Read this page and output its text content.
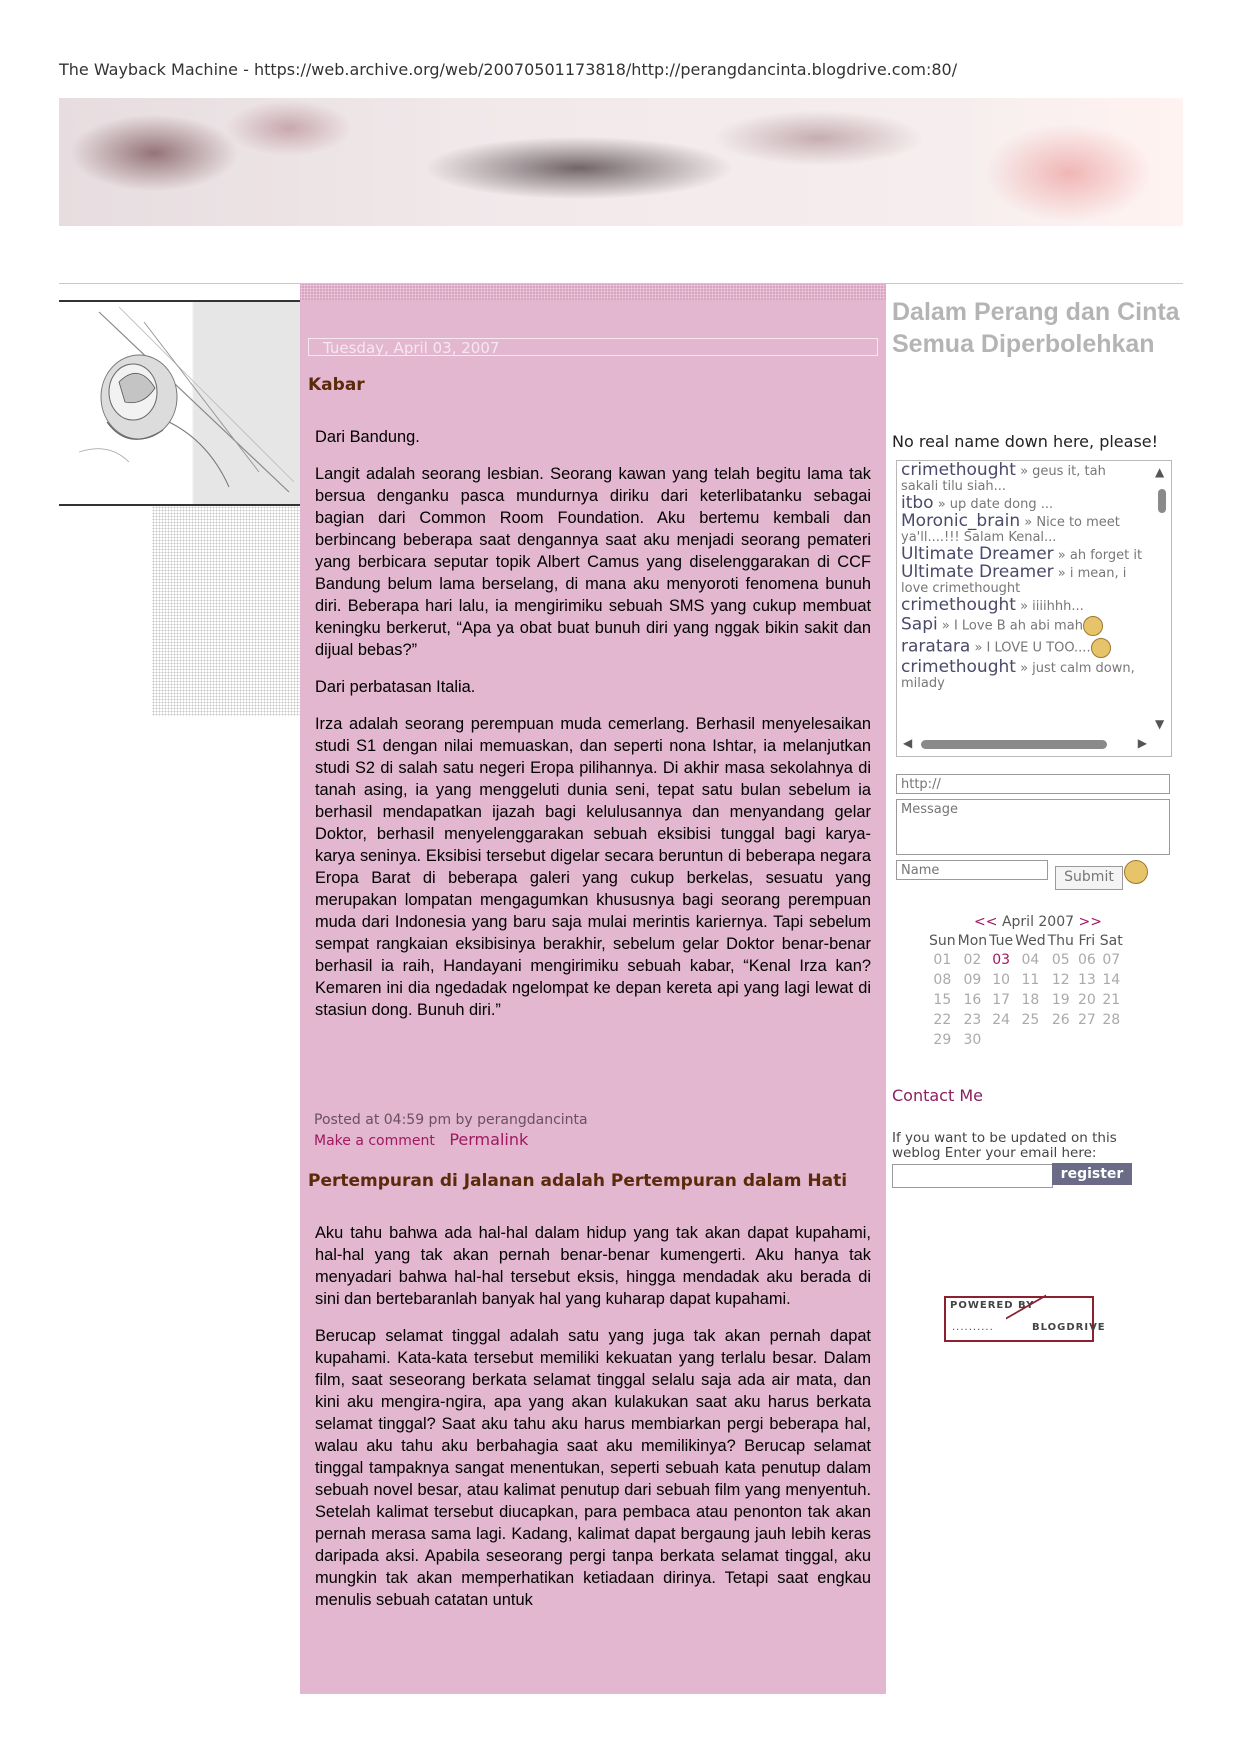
The Wayback Machine - https://web.archive.org/web/20070501173818/http://perangdancinta.blogdrive.com:80/
Tuesday, April 03, 2007
Kabar

Dari Bandung.

Langit adalah seorang lesbian. Seorang kawan yang telah begitu lama tak bersua denganku pasca mundurnya diriku dari keterlibatanku sebagai bagian dari Common Room Foundation. Aku bertemu kembali dan berbincang beberapa saat dengannya saat aku menjadi seorang pemateri yang berbicara seputar topik Albert Camus yang diselenggarakan di CCF Bandung belum lama berselang, di mana aku menyoroti fenomena bunuh diri. Beberapa hari lalu, ia mengirimiku sebuah SMS yang cukup membuat keningku berkerut, “Apa ya obat buat bunuh diri yang nggak bikin sakit dan dijual bebas?”

Dari perbatasan Italia.

Irza adalah seorang perempuan muda cemerlang. Berhasil menyelesaikan studi S1 dengan nilai memuaskan, dan seperti nona Ishtar, ia melanjutkan studi S2 di salah satu negeri Eropa pilihannya. Di akhir masa sekolahnya di tanah asing, ia yang menggeluti dunia seni, tepat satu bulan sebelum ia berhasil mendapatkan ijazah bagi kelulusannya dan menyandang gelar Doktor, berhasil menyelenggarakan sebuah eksibisi tunggal bagi karya-karya seninya. Eksibisi tersebut digelar secara beruntun di beberapa negara Eropa Barat di beberapa galeri yang cukup berkelas, sesuatu yang merupakan lompatan mengagumkan khususnya bagi seorang perempuan muda dari Indonesia yang baru saja mulai merintis kariernya. Tapi sebelum sempat rangkaian eksibisinya berakhir, sebelum gelar Doktor benar-benar berhasil ia raih, Handayani mengirimiku sebuah kabar, “Kenal Irza kan? Kemaren ini dia ngedadak ngelompat ke depan kereta api yang lagi lewat di stasiun dong. Bunuh diri.”

Posted at 04:59 pm by perangdancinta
Make a comment Permalink
Pertempuran di Jalanan adalah Pertempuran dalam Hati

Aku tahu bahwa ada hal-hal dalam hidup yang tak akan dapat kupahami, hal-hal yang tak akan pernah benar-benar kumengerti. Aku hanya tak menyadari bahwa hal-hal tersebut eksis, hingga mendadak aku berada di sini dan bertebaranlah banyak hal yang kuharap dapat kupahami.

Berucap selamat tinggal adalah satu yang juga tak akan pernah dapat kupahami. Kata-kata tersebut memiliki kekuatan yang terlalu besar. Dalam film, saat seseorang berkata selamat tinggal selalu saja ada air mata, dan kini aku mengira-ngira, apa yang akan kulakukan saat aku harus berkata selamat tinggal? Saat aku tahu aku harus membiarkan pergi beberapa hal, walau aku tahu aku berbahagia saat aku memilikinya? Berucap selamat tinggal tampaknya sangat menentukan, seperti sebuah kata penutup dalam sebuah novel besar, atau kalimat penutup dari sebuah film yang menyentuh. Setelah kalimat tersebut diucapkan, para pembaca atau penonton tak akan pernah merasa sama lagi. Kadang, kalimat dapat bergaung jauh lebih keras daripada aksi. Apabila seseorang pergi tanpa berkata selamat tinggal, aku mungkin tak akan memperhatikan ketiadaan dirinya. Tetapi saat engkau menulis sebuah catatan untuk

Dalam Perang dan Cinta Semua Diperbolehkan
No real name down here, please!
crimethought » geus it, tah sakali tilu siah...
itbo » up date dong ...
Moronic_brain » Nice to meet ya'll....!!! Salam Kenal...
Ultimate Dreamer » ah forget it
Ultimate Dreamer » i mean, i love crimethought
crimethought » iiiihhh...
Sapi » I Love B ah abi mah
raratara » I LOVE U TOO....
crimethought » just calm down, milady
▲
▼
◀	▶
http://
Message
Name
Submit
<< April 2007 >>
Sun	Mon	Tue	Wed	Thu	Fri	Sat
01	02	03	04	05	06	07
08	09	10	11	12	13	14
15	16	17	18	19	20	21
22	23	24	25	26	27	28
29	30					
Contact Me
If you want to be updated on this weblog Enter your email here:
register
POWERED BY
..........	BLOGDRIVE
